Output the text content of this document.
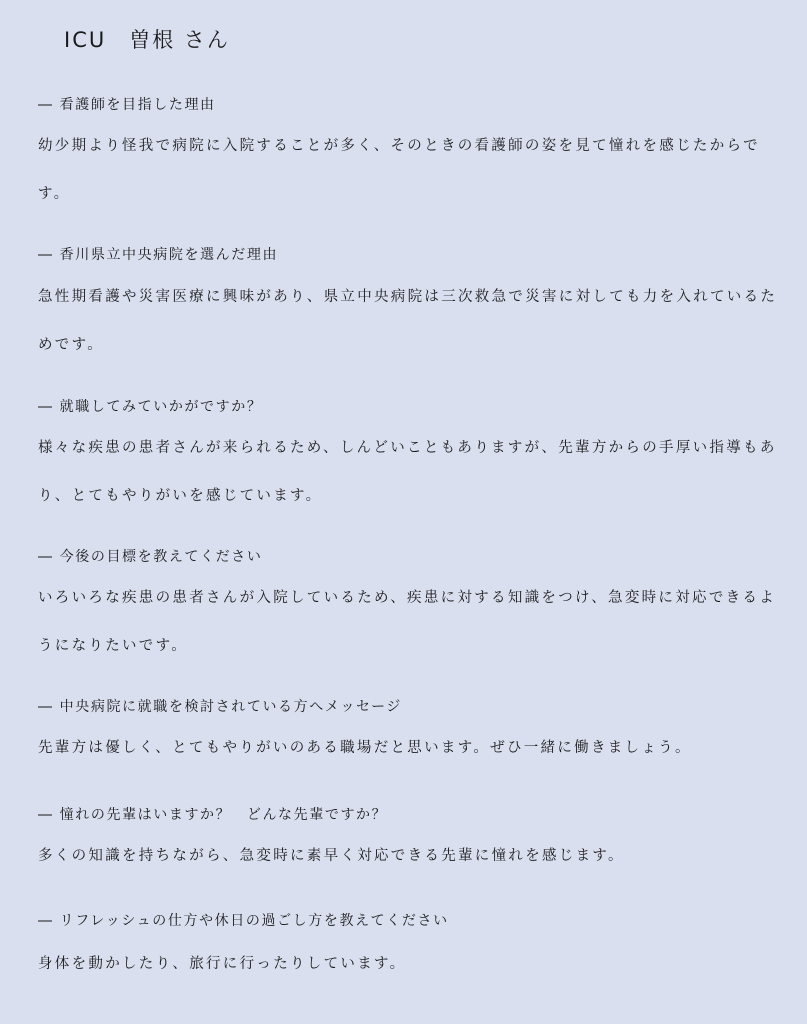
ICU　曽根 さん
― 看護師を目指した理由
幼少期より怪我で病院に入院することが多く、そのときの看護師の姿を見て憧れを感じたからです。
― 香川県立中央病院を選んだ理由
急性期看護や災害医療に興味があり、県立中央病院は三次救急で災害に対しても力を入れているためです。
― 就職してみていかがですか？
様々な疾患の患者さんが来られるため、しんどいこともありますが、先輩方からの手厚い指導もあり、とてもやりがいを感じています。
― 今後の目標を教えてください
いろいろな疾患の患者さんが入院しているため、疾患に対する知識をつけ、急変時に対応できるようになりたいです。
― 中央病院に就職を検討されている方へメッセージ
先輩方は優しく、とてもやりがいのある職場だと思います。ぜひ一緒に働きましょう。
― 憧れの先輩はいますか？　どんな先輩ですか？
多くの知識を持ちながら、急変時に素早く対応できる先輩に憧れを感じます。
― リフレッシュの仕方や休日の過ごし方を教えてください
身体を動かしたり、旅行に行ったりしています。
